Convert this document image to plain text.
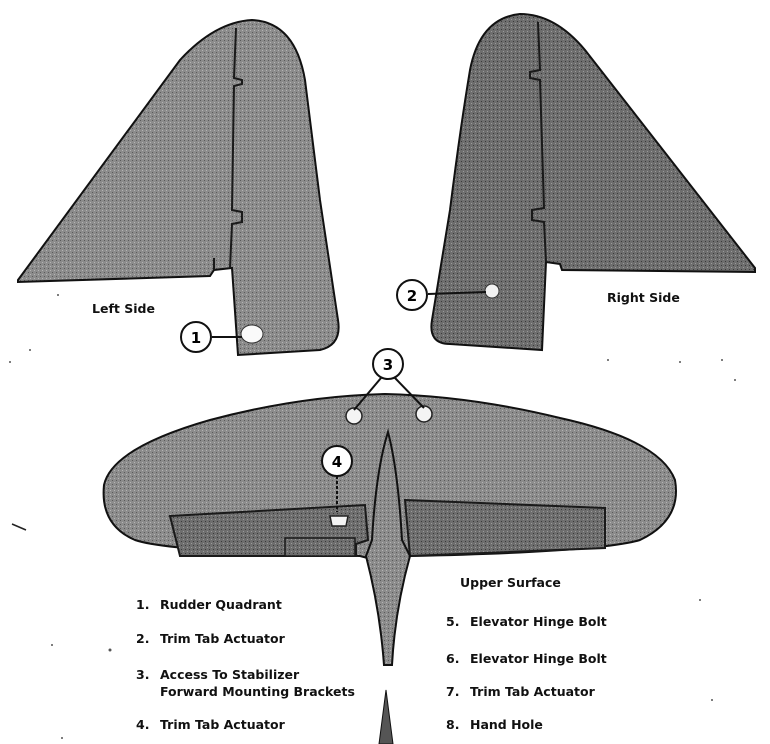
1
2
3
4
Left Side
Right Side
Upper Surface
1. Rudder Quadrant
2. Trim Tab Actuator
3. Access To Stabilizer
Forward Mounting Brackets
4. Trim Tab Actuator
5. Elevator Hinge Bolt
6. Elevator Hinge Bolt
7. Trim Tab Actuator
8. Hand Hole
